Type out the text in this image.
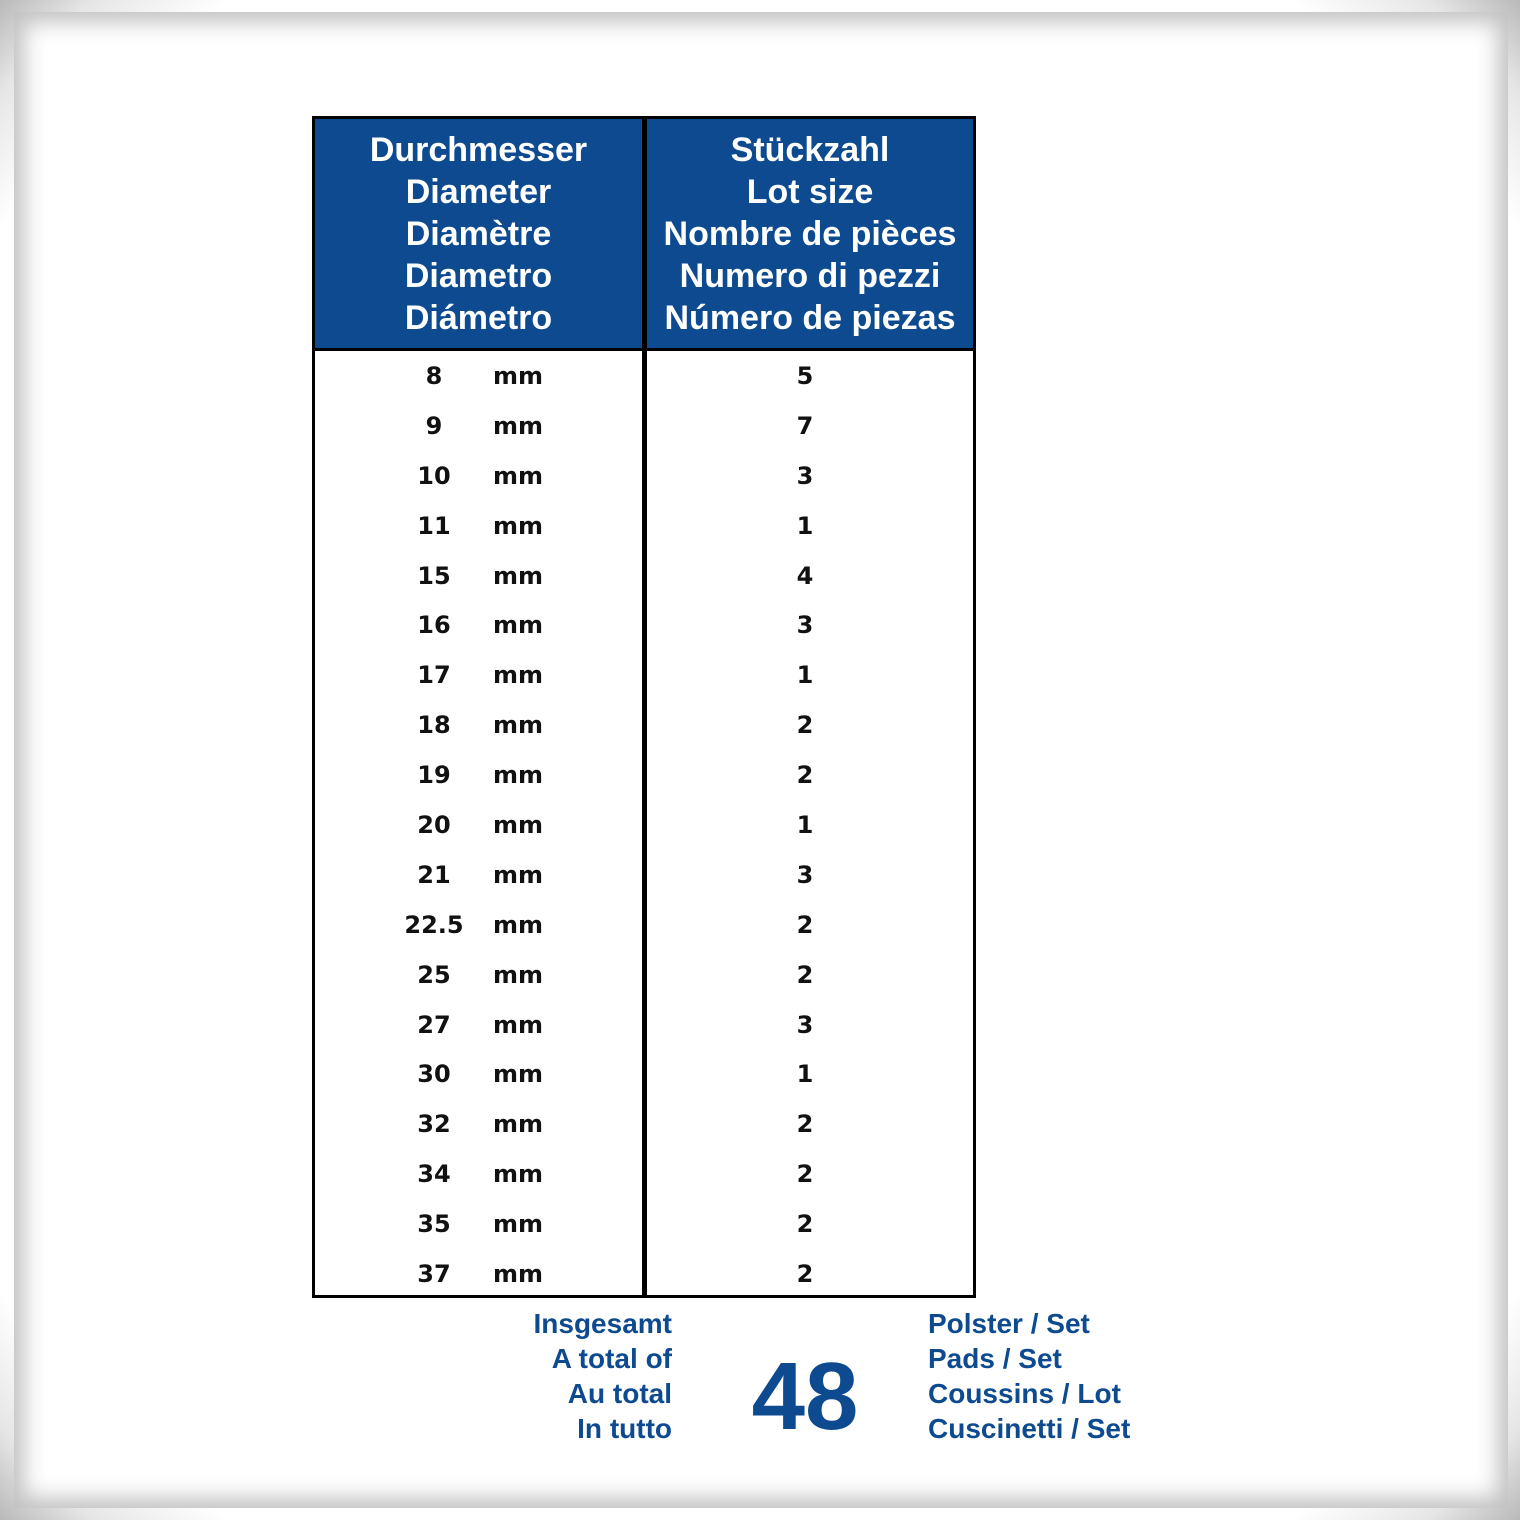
Durchmesser
Diameter
Diamètre
Diametro
Diámetro
Stückzahl
Lot size
Nombre de pièces
Numero di pezzi
Número de piezas
8	mm	5
9	mm	7
10	mm	3
11	mm	1
15	mm	4
16	mm	3
17	mm	1
18	mm	2
19	mm	2
20	mm	1
21	mm	3
22.5 mm	2
25	mm	2
27	mm	3
30	mm	1
32	mm	2
34	mm	2
35	mm	2
37	mm	2
Insgesamt
A total of
Au total
In tutto 48
Polster / Set
Pads / Set
Coussins / Lot
Cuscinetti / Set
